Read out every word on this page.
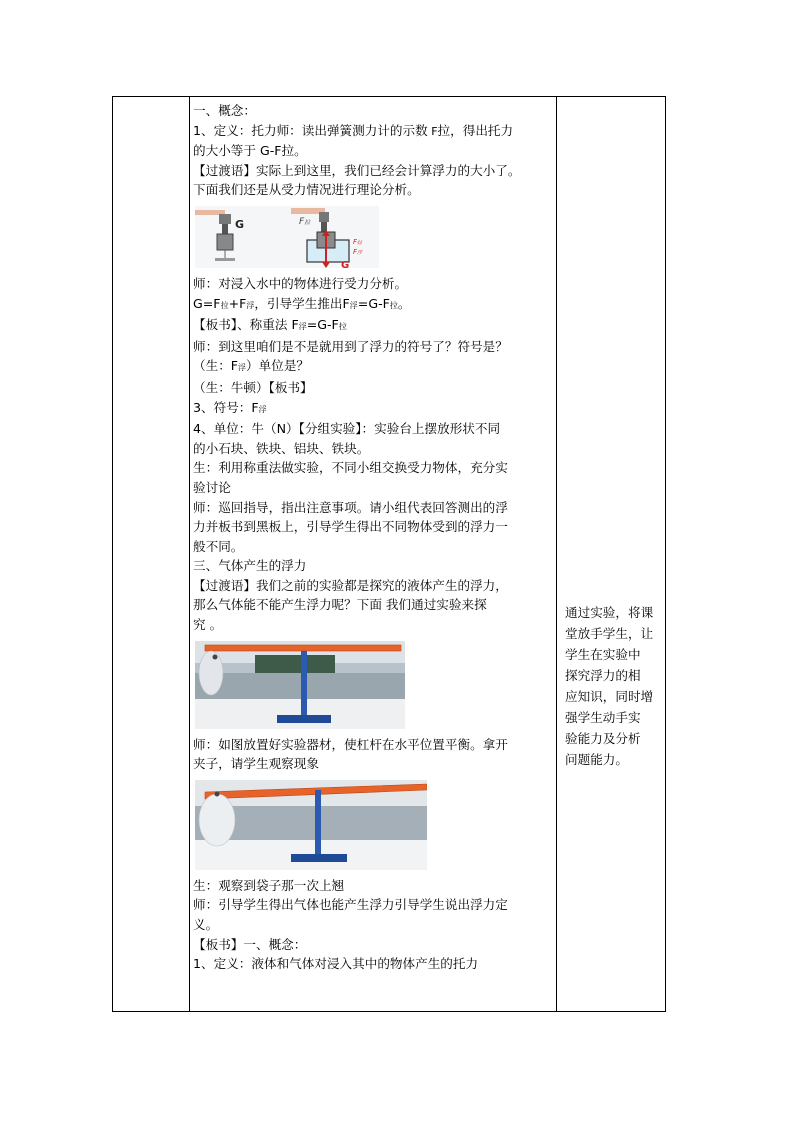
一、概念：

1、定义：托力师：读出弹簧测力计的示数 F拉，得出托力

的大小等于 G-F拉。

【过渡语】实际上到这里，我们已经会计算浮力的大小了。

下面我们还是从受力情况进行理论分析。

G	F拉
G
F拉
F浮

师：对浸入水中的物体进行受力分析。

G=F拉+F浮，引导学生推出F浮=G-F拉。

【板书】、称重法 F浮=G-F拉

师：到这里咱们是不是就用到了浮力的符号了？符号是？

（生：F浮）单位是？

（生：牛顿）【板书】

3、符号：F浮

4、单位：牛（N）【分组实验】：实验台上摆放形状不同

的小石块、铁块、铝块、铁块。

生：利用称重法做实验，不同小组交换受力物体，充分实

验讨论

师：巡回指导，指出注意事项。请小组代表回答测出的浮

力并板书到黑板上，引导学生得出不同物体受到的浮力一

般不同。

三、气体产生的浮力

【过渡语】我们之前的实验都是探究的液体产生的浮力，

那么气体能不能产生浮力呢？下面 我们通过实验来探

究 。

师：如图放置好实验器材，使杠杆在水平位置平衡。拿开

夹子，请学生观察现象

生：观察到袋子那一次上翘

师：引导学生得出气体也能产生浮力引导学生说出浮力定

义。

【板书】一、概念：

1、定义：液体和气体对浸入其中的物体产生的托力

通过实验，将课

堂放手学生，让

学生在实验中

探究浮力的相

应知识，同时增

强学生动手实

验能力及分析

问题能力。
